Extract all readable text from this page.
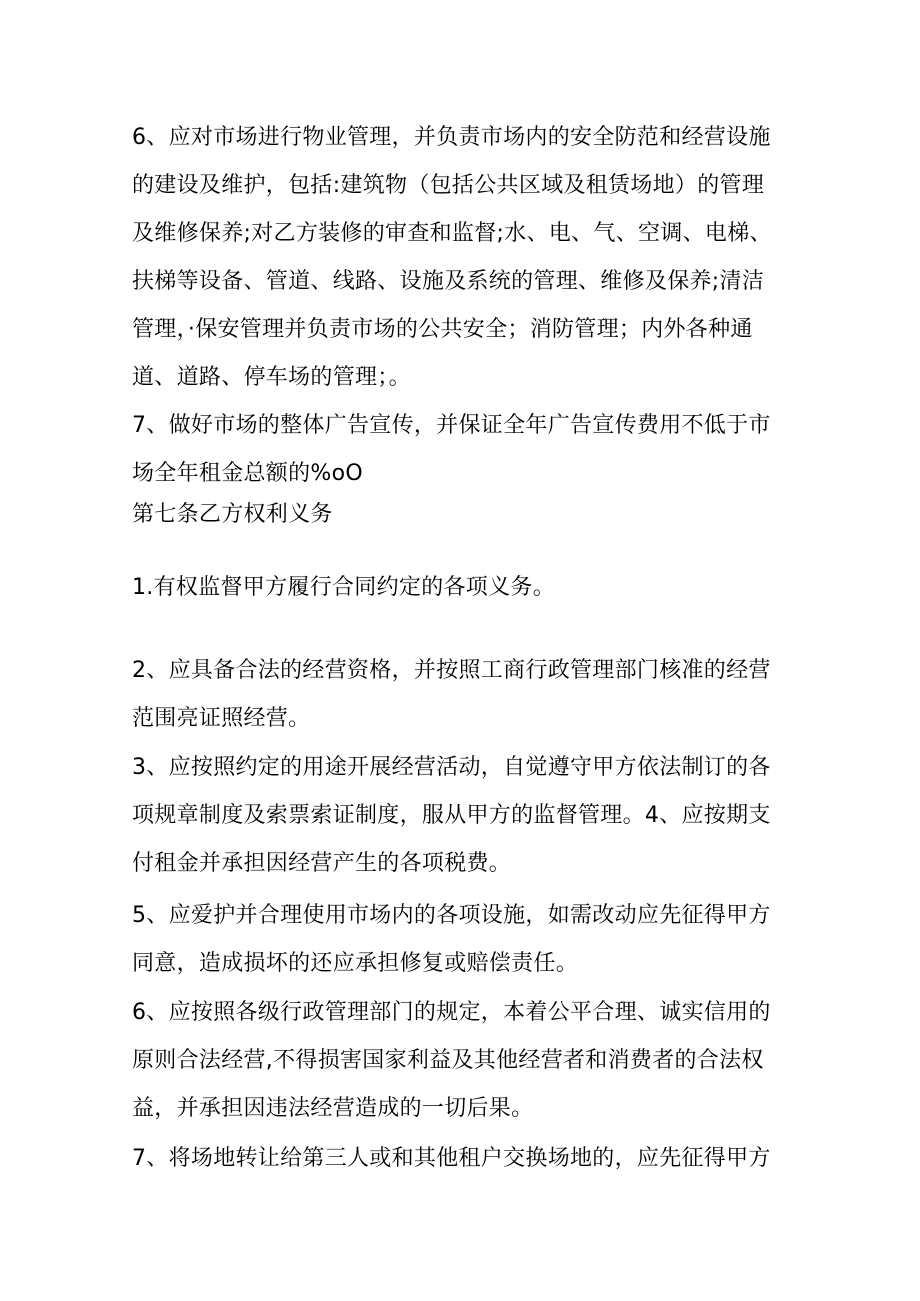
6、应对市场进行物业管理，并负责市场内的安全防范和经营设施
的建设及维护，包括:建筑物（包括公共区域及租赁场地）的管理
及维修保养;对乙方装修的审查和监督;水、电、气、空调、电梯、
扶梯等设备、管道、线路、设施及系统的管理、维修及保养;清洁
管理，·保安管理并负责市场的公共安全；消防管理；内外各种通
道、道路、停车场的管理；。
7、做好市场的整体广告宣传，并保证全年广告宣传费用不低于市
场全年租金总额的%oO
第七条乙方权利义务
1.有权监督甲方履行合同约定的各项义务。
2、应具备合法的经营资格，并按照工商行政管理部门核准的经营
范围亮证照经营。
3、应按照约定的用途开展经营活动，自觉遵守甲方依法制订的各
项规章制度及索票索证制度，服从甲方的监督管理。4、应按期支
付租金并承担因经营产生的各项税费。
5、应爱护并合理使用市场内的各项设施，如需改动应先征得甲方
同意，造成损坏的还应承担修复或赔偿责任。
6、应按照各级行政管理部门的规定，本着公平合理、诚实信用的
原则合法经营,不得损害国家利益及其他经营者和消费者的合法权
益，并承担因违法经营造成的一切后果。
7、将场地转让给第三人或和其他租户交换场地的，应先征得甲方
